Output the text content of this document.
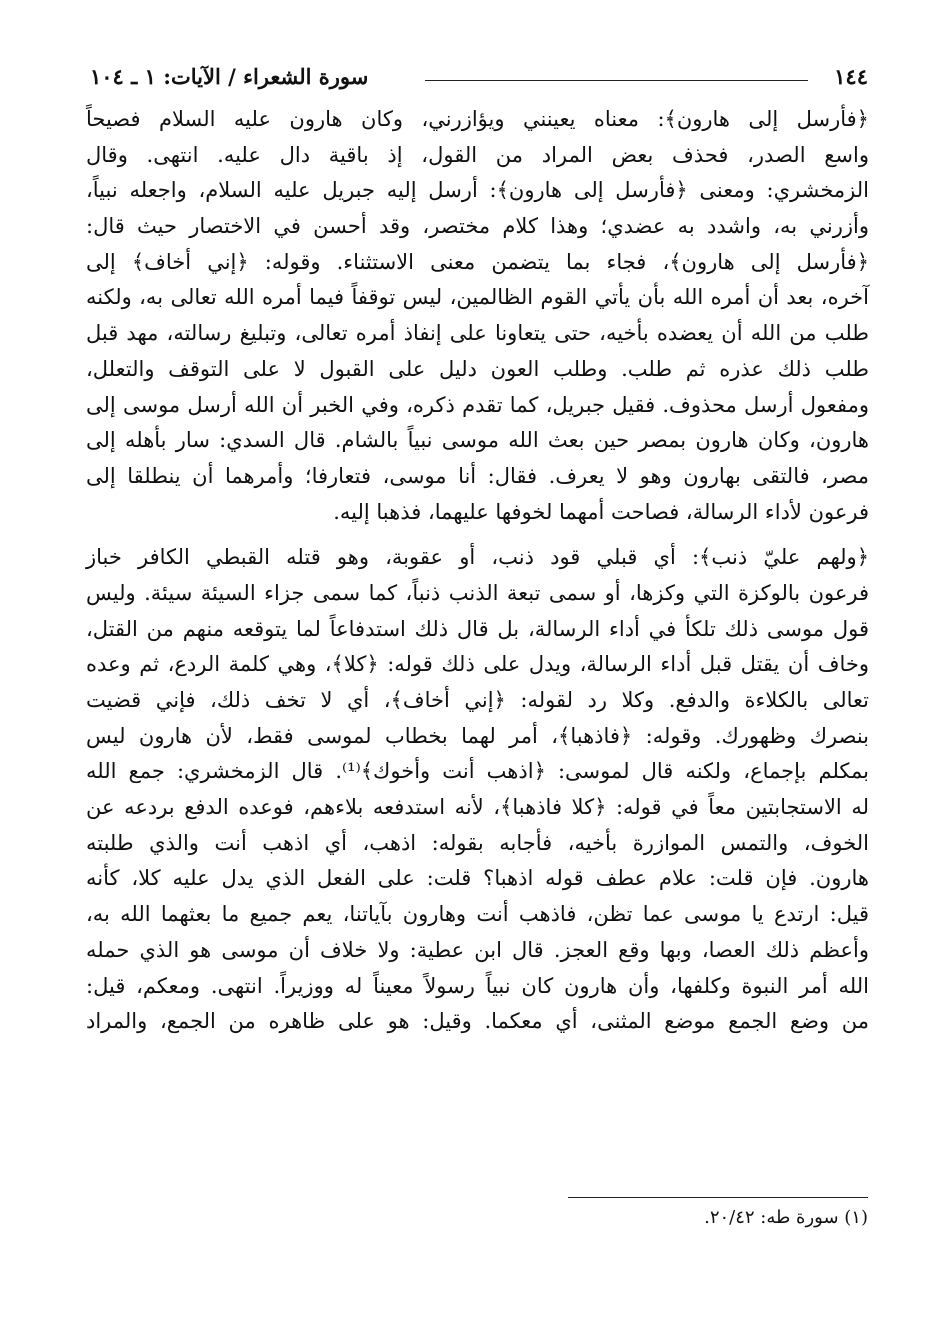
١٤٤
سورة الشعراء / الآيات: ١ ـ ١٠٤
﴿فأرسل إلى هارون﴾: معناه يعينني ويؤازرني، وكان هارون عليه السلام فصيحاً
واسع الصدر، فحذف بعض المراد من القول، إذ باقية دال عليه. انتهى. وقال
الزمخشري: ومعنى ﴿فأرسل إلى هارون﴾: أرسل إليه جبريل عليه السلام، واجعله نبياً،
وأزرني به، واشدد به عضدي؛ وهذا كلام مختصر، وقد أحسن في الاختصار حيث قال:
﴿فأرسل إلى هارون﴾، فجاء بما يتضمن معنى الاستثناء. وقوله: ﴿إني أخاف﴾ إلى
آخره، بعد أن أمره الله بأن يأتي القوم الظالمين، ليس توقفاً فيما أمره الله تعالى به، ولكنه
طلب من الله أن يعضده بأخيه، حتى يتعاونا على إنفاذ أمره تعالى، وتبليغ رسالته، مهد قبل
طلب ذلك عذره ثم طلب. وطلب العون دليل على القبول لا على التوقف والتعلل،
ومفعول أرسل محذوف. فقيل جبريل، كما تقدم ذكره، وفي الخبر أن الله أرسل موسى إلى
هارون، وكان هارون بمصر حين بعث الله موسى نبياً بالشام. قال السدي: سار بأهله إلى
مصر، فالتقى بهارون وهو لا يعرف. فقال: أنا موسى، فتعارفا؛ وأمرهما أن ينطلقا إلى
فرعون لأداء الرسالة، فصاحت أمهما لخوفها عليهما، فذهبا إليه.
﴿ولهم عليّ ذنب﴾: أي قبلي قود ذنب، أو عقوبة، وهو قتله القبطي الكافر خباز
فرعون بالوكزة التي وكزها، أو سمى تبعة الذنب ذنباً، كما سمى جزاء السيئة سيئة. وليس
قول موسى ذلك تلكأ في أداء الرسالة، بل قال ذلك استدفاعاً لما يتوقعه منهم من القتل،
وخاف أن يقتل قبل أداء الرسالة، ويدل على ذلك قوله: ﴿كلا﴾، وهي كلمة الردع، ثم وعده
تعالى بالكلاءة والدفع. وكلا رد لقوله: ﴿إني أخاف﴾، أي لا تخف ذلك، فإني قضيت
بنصرك وظهورك. وقوله: ﴿فاذهبا﴾، أمر لهما بخطاب لموسى فقط، لأن هارون ليس
بمكلم بإجماع، ولكنه قال لموسى: ﴿اذهب أنت وأخوك﴾⁽¹⁾. قال الزمخشري: جمع الله
له الاستجابتين معاً في قوله: ﴿كلا فاذهبا﴾، لأنه استدفعه بلاءهم، فوعده الدفع بردعه عن
الخوف، والتمس الموازرة بأخيه، فأجابه بقوله: اذهب، أي اذهب أنت والذي طلبته
هارون. فإن قلت: علام عطف قوله اذهبا؟ قلت: على الفعل الذي يدل عليه كلا، كأنه
قيل: ارتدع يا موسى عما تظن، فاذهب أنت وهارون بآياتنا، يعم جميع ما بعثهما الله به،
وأعظم ذلك العصا، وبها وقع العجز. قال ابن عطية: ولا خلاف أن موسى هو الذي حمله
الله أمر النبوة وكلفها، وأن هارون كان نبياً رسولاً معيناً له ووزيراً. انتهى. ومعكم، قيل:
من وضع الجمع موضع المثنى، أي معكما. وقيل: هو على ظاهره من الجمع، والمراد
(١) سورة طه: ٢٠/٤٢.
